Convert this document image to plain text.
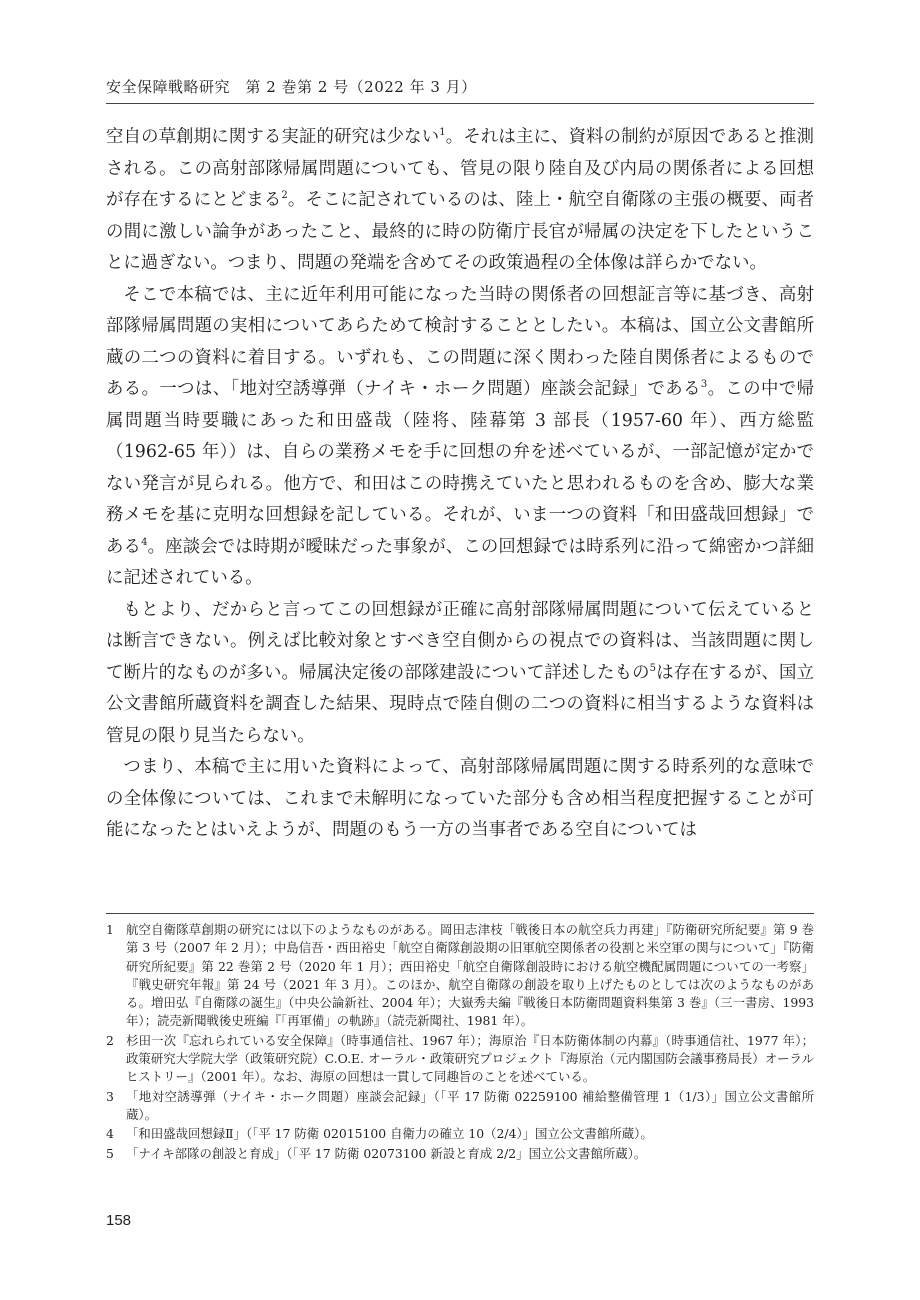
安全保障戦略研究　第 2 巻第 2 号（2022 年 3 月）

空自の草創期に関する実証的研究は少ない$^1$。それは主に、資料の制約が原因であると推測される。この高射部隊帰属問題についても、管見の限り陸自及び内局の関係者による回想が存在するにとどまる$^2$。そこに記されているのは、陸上・航空自衛隊の主張の概要、両者の間に激しい論争があったこと、最終的に時の防衛庁長官が帰属の決定を下したということに過ぎない。つまり、問題の発端を含めてその政策過程の全体像は詳らかでない。

そこで本稿では、主に近年利用可能になった当時の関係者の回想証言等に基づき、高射部隊帰属問題の実相についてあらためて検討することとしたい。本稿は、国立公文書館所蔵の二つの資料に着目する。いずれも、この問題に深く関わった陸自関係者によるものである。一つは、「地対空誘導弾（ナイキ・ホーク問題）座談会記録」である$^3$。この中で帰属問題当時要職にあった和田盛哉（陸将、陸幕第 3 部長（1957-60 年）、西方総監（1962-65 年））は、自らの業務メモを手に回想の弁を述べているが、一部記憶が定かでない発言が見られる。他方で、和田はこの時携えていたと思われるものを含め、膨大な業務メモを基に克明な回想録を記している。それが、いま一つの資料「和田盛哉回想録」である$^4$。座談会では時期が曖昧だった事象が、この回想録では時系列に沿って綿密かつ詳細に記述されている。

もとより、だからと言ってこの回想録が正確に高射部隊帰属問題について伝えているとは断言できない。例えば比較対象とすべき空自側からの視点での資料は、当該問題に関して断片的なものが多い。帰属決定後の部隊建設について詳述したもの$^5$は存在するが、国立公文書館所蔵資料を調査した結果、現時点で陸自側の二つの資料に相当するような資料は管見の限り見当たらない。

つまり、本稿で主に用いた資料によって、高射部隊帰属問題に関する時系列的な意味での全体像については、これまで未解明になっていた部分も含め相当程度把握することが可能になったとはいえようが、問題のもう一方の当事者である空自については

1 航空自衛隊草創期の研究には以下のようなものがある。岡田志津枝「戦後日本の航空兵力再建」『防衛研究所紀要』第 9 巻第 3 号（2007 年 2 月）；中島信吾・西田裕史「航空自衛隊創設期の旧軍航空関係者の役割と米空軍の関与について」『防衛研究所紀要』第 22 巻第 2 号（2020 年 1 月）；西田裕史「航空自衛隊創設時における航空機配属問題についての一考察」『戦史研究年報』第 24 号（2021 年 3 月）。このほか、航空自衛隊の創設を取り上げたものとしては次のようなものがある。増田弘『自衛隊の誕生』（中央公論新社、2004 年）；大嶽秀夫編『戦後日本防衛問題資料集第 3 巻』（三一書房、1993 年）；読売新聞戦後史班編『「再軍備」の軌跡』（読売新聞社、1981 年）。
2 杉田一次『忘れられている安全保障』（時事通信社、1967 年）；海原治『日本防衛体制の内幕』（時事通信社、1977 年）；政策研究大学院大学（政策研究院）C.O.E. オーラル・政策研究プロジェクト『海原治（元内閣国防会議事務局長）オーラルヒストリー』（2001 年）。なお、海原の回想は一貫して同趣旨のことを述べている。
3 「地対空誘導弾（ナイキ・ホーク問題）座談会記録」（「平 17 防衛 02259100 補給整備管理 1（1/3）」国立公文書館所蔵）。
4 「和田盛哉回想録Ⅱ」（「平 17 防衛 02015100 自衛力の確立 10（2/4）」国立公文書館所蔵）。
5 「ナイキ部隊の創設と育成」（「平 17 防衛 02073100 新設と育成 2/2」国立公文書館所蔵）。
158
